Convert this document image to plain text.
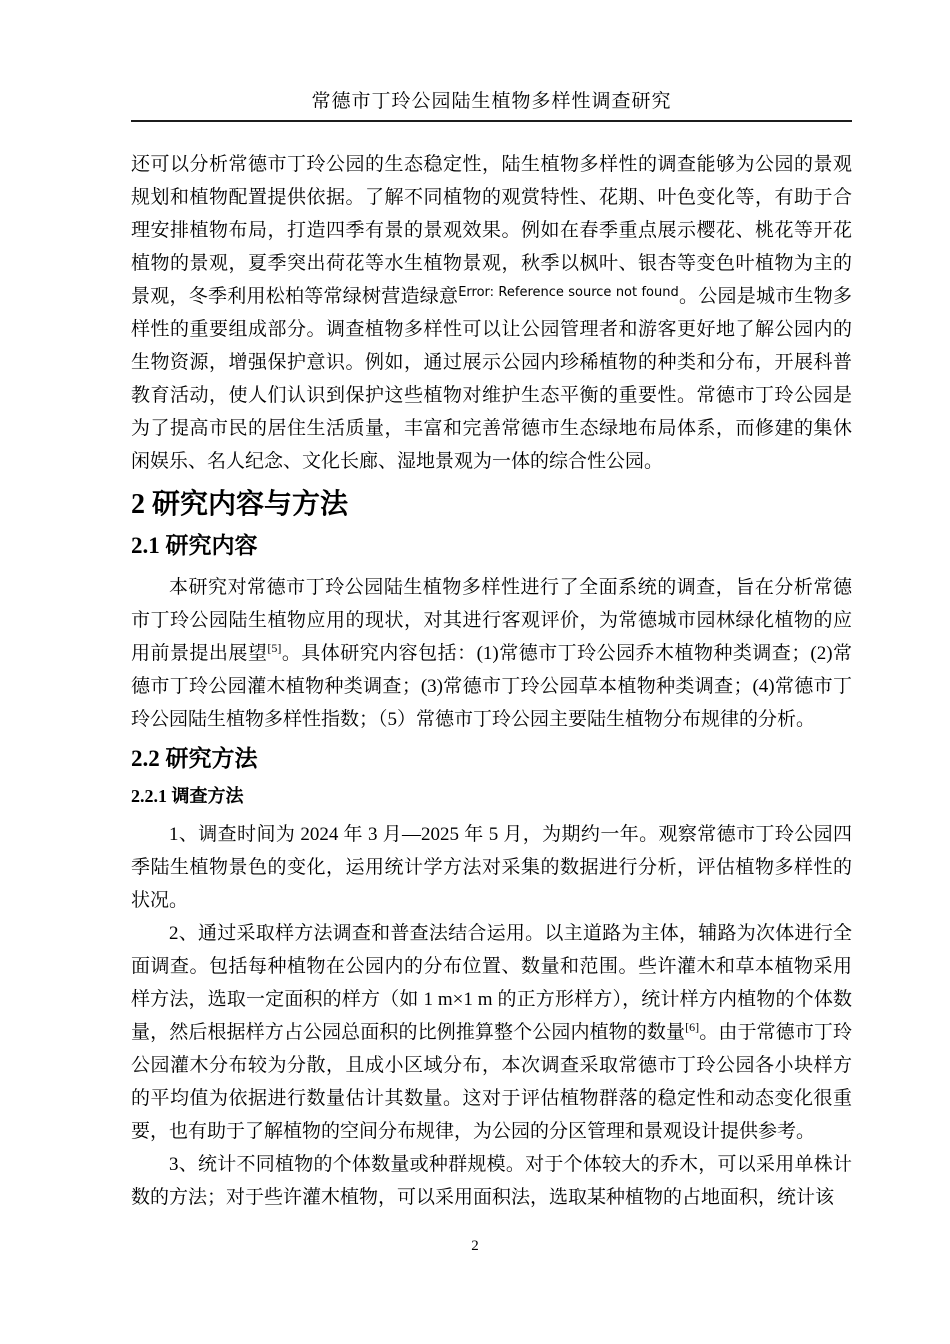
常德市丁玲公园陆生植物多样性调查研究

还可以分析常德市丁玲公园的生态稳定性，陆生植物多样性的调查能够为公园的景观规划和植物配置提供依据。了解不同植物的观赏特性、花期、叶色变化等，有助于合理安排植物布局，打造四季有景的景观效果。例如在春季重点展示樱花、桃花等开花植物的景观，夏季突出荷花等水生植物景观，秋季以枫叶、银杏等变色叶植物为主的景观，冬季利用松柏等常绿树营造绿意$^{Error: Reference source not found}$。公园是城市生物多样性的重要组成部分。调查植物多样性可以让公园管理者和游客更好地了解公园内的生物资源，增强保护意识。例如，通过展示公园内珍稀植物的种类和分布，开展科普教育活动，使人们认识到保护这些植物对维护生态平衡的重要性。常德市丁玲公园是为了提高市民的居住生活质量，丰富和完善常德市生态绿地布局体系，而修建的集休闲娱乐、名人纪念、文化长廊、湿地景观为一体的综合性公园。

2 研究内容与方法
2.1 研究内容

本研究对常德市丁玲公园陆生植物多样性进行了全面系统的调查，旨在分析常德市丁玲公园陆生植物应用的现状，对其进行客观评价，为常德城市园林绿化植物的应用前景提出展望[5]。具体研究内容包括：(1)常德市丁玲公园乔木植物种类调查；(2)常德市丁玲公园灌木植物种类调查；(3)常德市丁玲公园草本植物种类调查；(4)常德市丁玲公园陆生植物多样性指数；（5）常德市丁玲公园主要陆生植物分布规律的分析。

2.2 研究方法
2.2.1 调查方法

1、调查时间为 2024 年 3 月—2025 年 5 月，为期约一年。观察常德市丁玲公园四季陆生植物景色的变化，运用统计学方法对采集的数据进行分析，评估植物多样性的状况。

2、通过采取样方法调查和普查法结合运用。以主道路为主体，辅路为次体进行全面调查。包括每种植物在公园内的分布位置、数量和范围。些许灌木和草本植物采用样方法，选取一定面积的样方（如 1 m×1 m 的正方形样方），统计样方内植物的个体数量，然后根据样方占公园总面积的比例推算整个公园内植物的数量[6]。由于常德市丁玲公园灌木分布较为分散，且成小区域分布，本次调查采取常德市丁玲公园各小块样方的平均值为依据进行数量估计其数量。这对于评估植物群落的稳定性和动态变化很重要，也有助于了解植物的空间分布规律，为公园的分区管理和景观设计提供参考。

3、统计不同植物的个体数量或种群规模。对于个体较大的乔木，可以采用单株计数的方法；对于些许灌木植物，可以采用面积法，选取某种植物的占地面积，统计该

2
